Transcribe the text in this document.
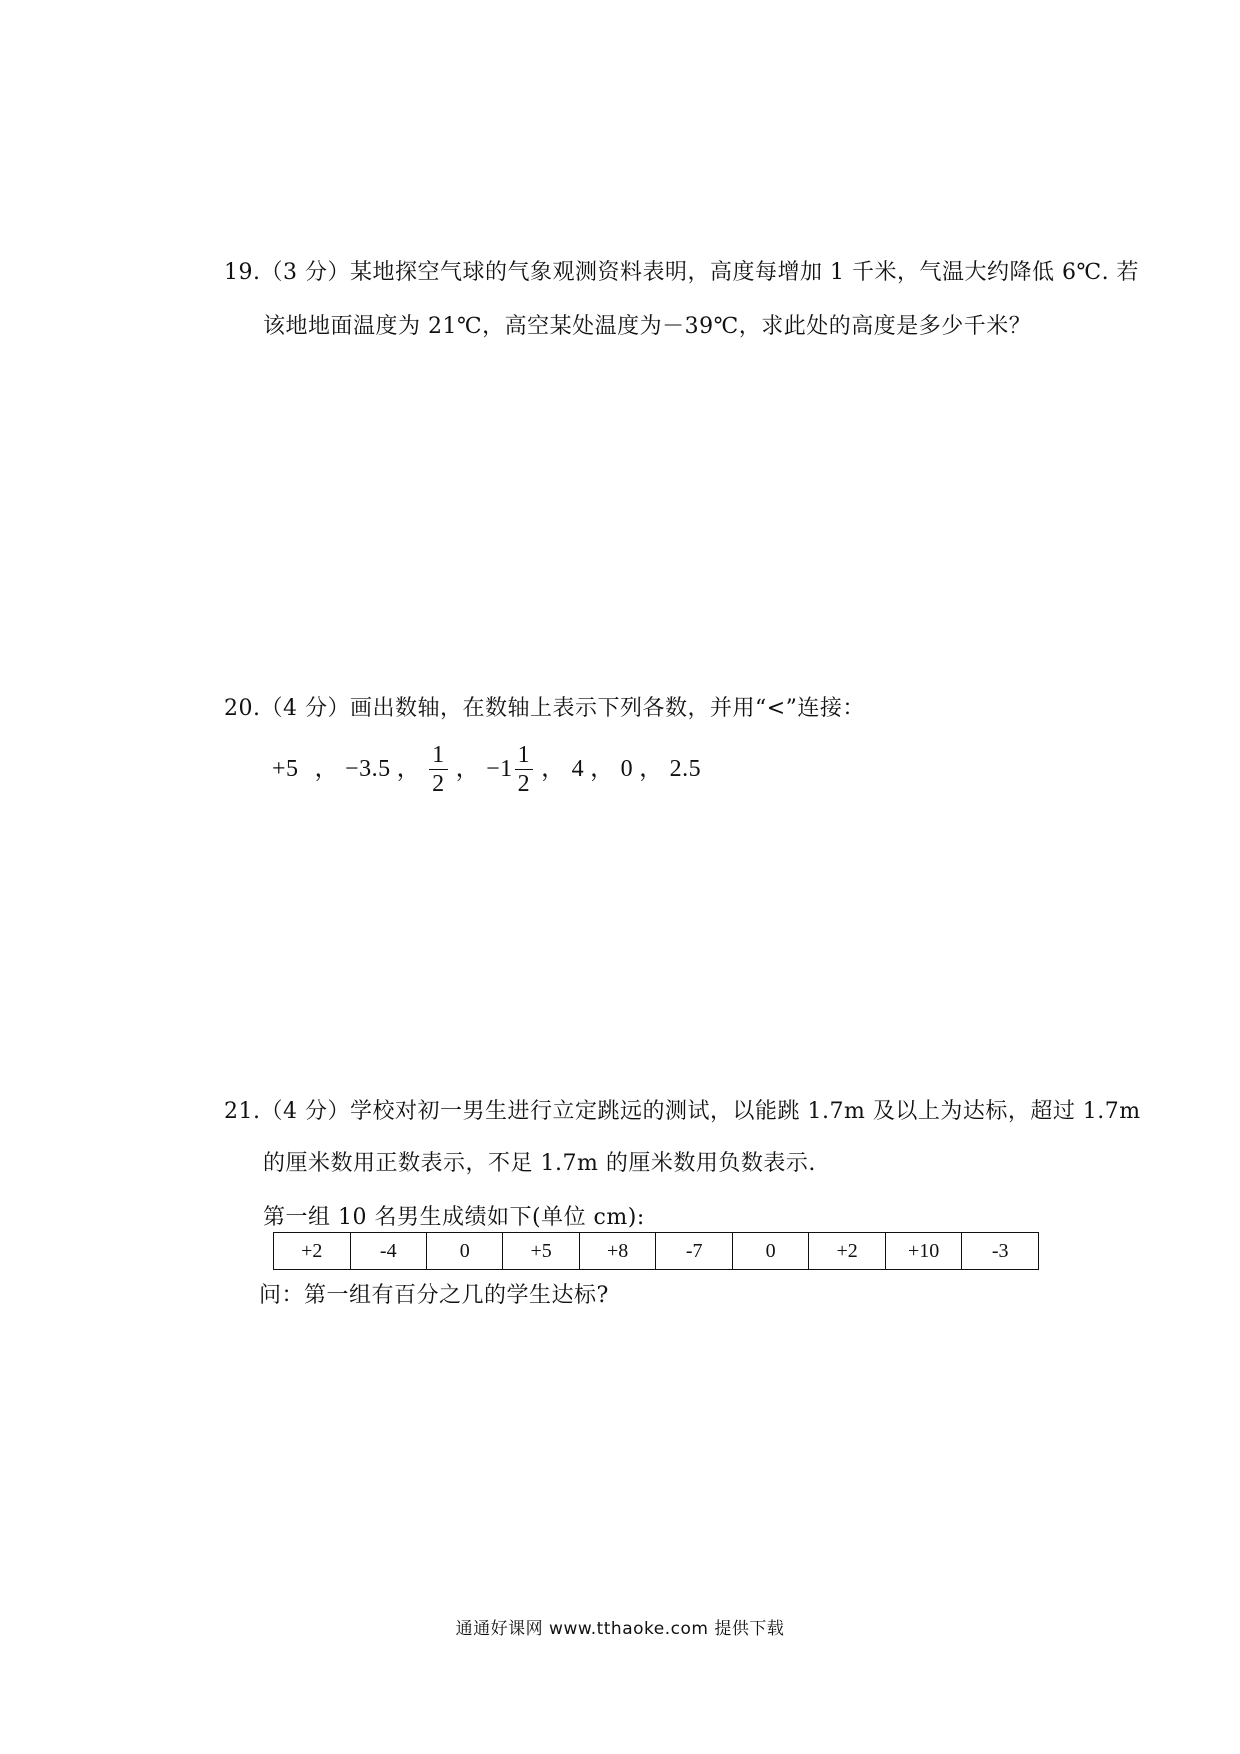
19.（3 分）某地探空气球的气象观测资料表明，高度每增加 1 千米，气温大约降低 6℃. 若
该地地面温度为 21℃，高空某处温度为－39℃，求此处的高度是多少千米？
20.（4 分）画出数轴，在数轴上表示下列各数，并用“<”连接：
+5 ， −3.5 ， $\frac{1}{2}$ ， $-1 \frac{1}{2}$ ， 4 ， 0 ， 2.5
21.（4 分）学校对初一男生进行立定跳远的测试，以能跳 1.7m 及以上为达标，超过 1.7m
的厘米数用正数表示，不足 1.7m 的厘米数用负数表示.
第一组 10 名男生成绩如下(单位 cm):
+2	-4	0	+5	+8	-7	0	+2	+10	-3
问：第一组有百分之几的学生达标?
通通好课网 www.tthaoke.com 提供下载
